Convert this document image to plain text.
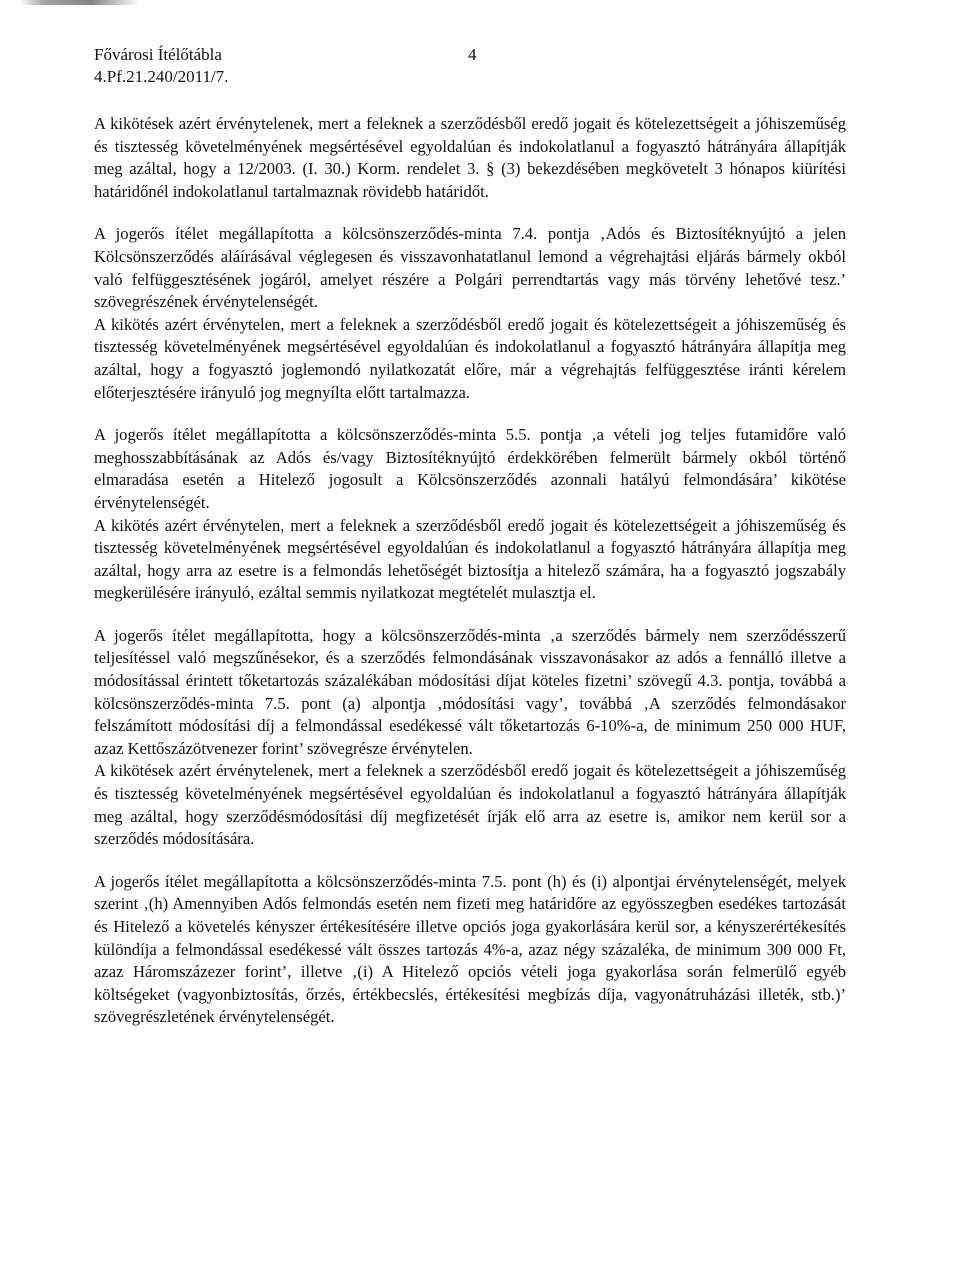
Fővárosi Ítélőtábla
4.Pf.21.240/2011/7.
4

A kikötések azért érvénytelenek, mert a feleknek a szerződésből eredő jogait és kötelezettségeit a jóhiszeműség és tisztesség követelményének megsértésével egyoldalúan és indokolatlanul a fogyasztó hátrányára állapítják meg azáltal, hogy a 12/2003. (I. 30.) Korm. rendelet 3. § (3) bekezdésében megkövetelt 3 hónapos kiürítési határidőnél indokolatlanul tartalmaznak rövidebb határidőt.

A jogerős ítélet megállapította a kölcsönszerződés-minta 7.4. pontja ‚Adós és Biztosítéknyújtó a jelen Kölcsönszerződés aláírásával véglegesen és visszavonhatatlanul lemond a végrehajtási eljárás bármely okból való felfüggesztésének jogáról, amelyet részére a Polgári perrendtartás vagy más törvény lehetővé tesz.’ szövegrészének érvénytelenségét.

A kikötés azért érvénytelen, mert a feleknek a szerződésből eredő jogait és kötelezettségeit a jóhiszeműség és tisztesség követelményének megsértésével egyoldalúan és indokolatlanul a fogyasztó hátrányára állapítja meg azáltal, hogy a fogyasztó joglemondó nyilatkozatát előre, már a végrehajtás felfüggesztése iránti kérelem előterjesztésére irányuló jog megnyílta előtt tartalmazza.

A jogerős ítélet megállapította a kölcsönszerződés-minta 5.5. pontja ‚a vételi jog teljes futamidőre való meghosszabbításának az Adós és/vagy Biztosítéknyújtó érdekkörében felmerült bármely okból történő elmaradása esetén a Hitelező jogosult a Kölcsönszerződés azonnali hatályú felmondására’ kikötése érvénytelenségét.

A kikötés azért érvénytelen, mert a feleknek a szerződésből eredő jogait és kötelezettségeit a jóhiszeműség és tisztesség követelményének megsértésével egyoldalúan és indokolatlanul a fogyasztó hátrányára állapítja meg azáltal, hogy arra az esetre is a felmondás lehetőségét biztosítja a hitelező számára, ha a fogyasztó jogszabály megkerülésére irányuló, ezáltal semmis nyilatkozat megtételét mulasztja el.

A jogerős ítélet megállapította, hogy a kölcsönszerződés-minta ‚a szerződés bármely nem szerződésszerű teljesítéssel való megszűnésekor, és a szerződés felmondásának visszavonásakor az adós a fennálló illetve a módosítással érintett tőketartozás százalékában módosítási díjat köteles fizetni’ szövegű 4.3. pontja, továbbá a kölcsönszerződés-minta 7.5. pont (a) alpontja ‚módosítási vagy’, továbbá ‚A szerződés felmondásakor felszámított módosítási díj a felmondással esedékessé vált tőketartozás 6-10%-a, de minimum 250 000 HUF, azaz Kettőszázötvenezer forint’ szövegrésze érvénytelen.

A kikötések azért érvénytelenek, mert a feleknek a szerződésből eredő jogait és kötelezettségeit a jóhiszeműség és tisztesség követelményének megsértésével egyoldalúan és indokolatlanul a fogyasztó hátrányára állapítják meg azáltal, hogy szerződésmódosítási díj megfizetését írják elő arra az esetre is, amikor nem kerül sor a szerződés módosítására.

A jogerős ítélet megállapította a kölcsönszerződés-minta 7.5. pont (h) és (i) alpontjai érvénytelenségét, melyek szerint ‚(h) Amennyiben Adós felmondás esetén nem fizeti meg határidőre az egyösszegben esedékes tartozását és Hitelező a követelés kényszer értékesítésére illetve opciós joga gyakorlására kerül sor, a kényszerértékesítés különdíja a felmondással esedékessé vált összes tartozás 4%-a, azaz négy százaléka, de minimum 300 000 Ft, azaz Háromszázezer forint’, illetve ‚(i) A Hitelező opciós vételi joga gyakorlása során felmerülő egyéb költségeket (vagyonbiztosítás, őrzés, értékbecslés, értékesítési megbízás díja, vagyonátruházási illeték, stb.)’ szövegrészletének érvénytelenségét.
